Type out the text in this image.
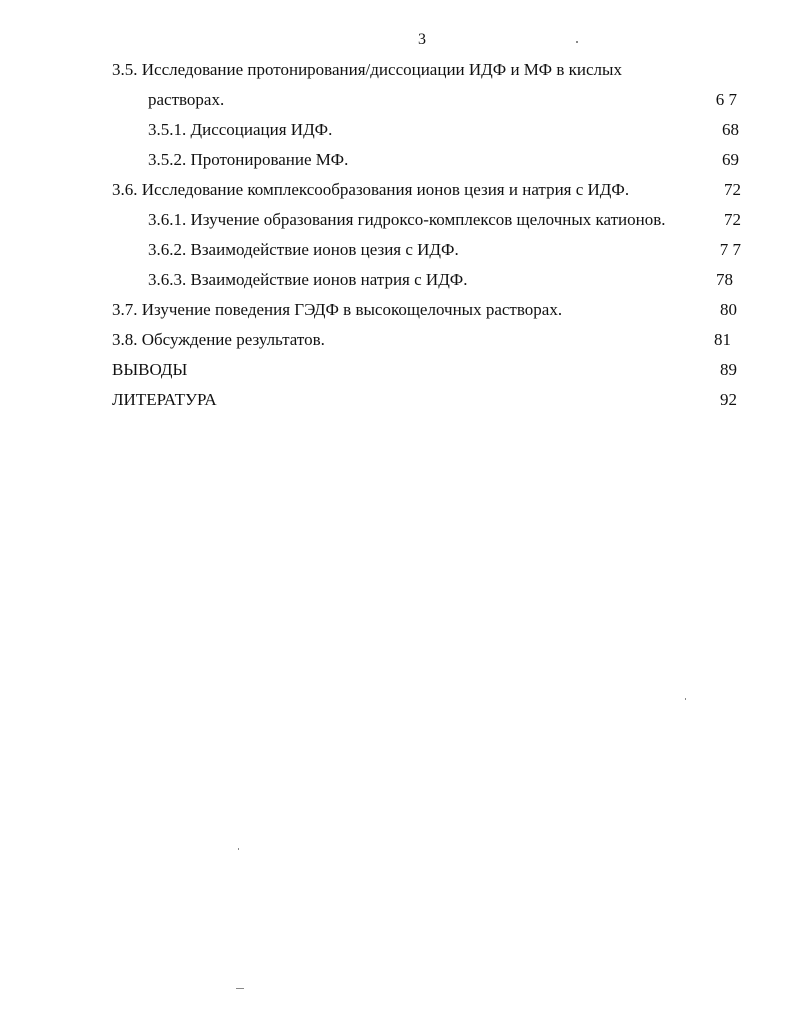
3
3.5. Исследование протонирования/диссоциации ИДФ и МФ в кислых
растворах.	6 7
3.5.1. Диссоциация ИДФ.	68
3.5.2. Протонирование МФ.	69
3.6. Исследование комплексообразования ионов цезия и натрия с ИДФ.	72
3.6.1. Изучение образования гидроксо-комплексов щелочных катионов.	72
3.6.2. Взаимодействие ионов цезия с ИДФ.	7 7
3.6.3. Взаимодействие ионов натрия с ИДФ.	78
3.7. Изучение поведения ГЭДФ в высокощелочных растворах.	80
3.8. Обсуждение результатов.	81
ВЫВОДЫ	89
ЛИТЕРАТУРА	92
